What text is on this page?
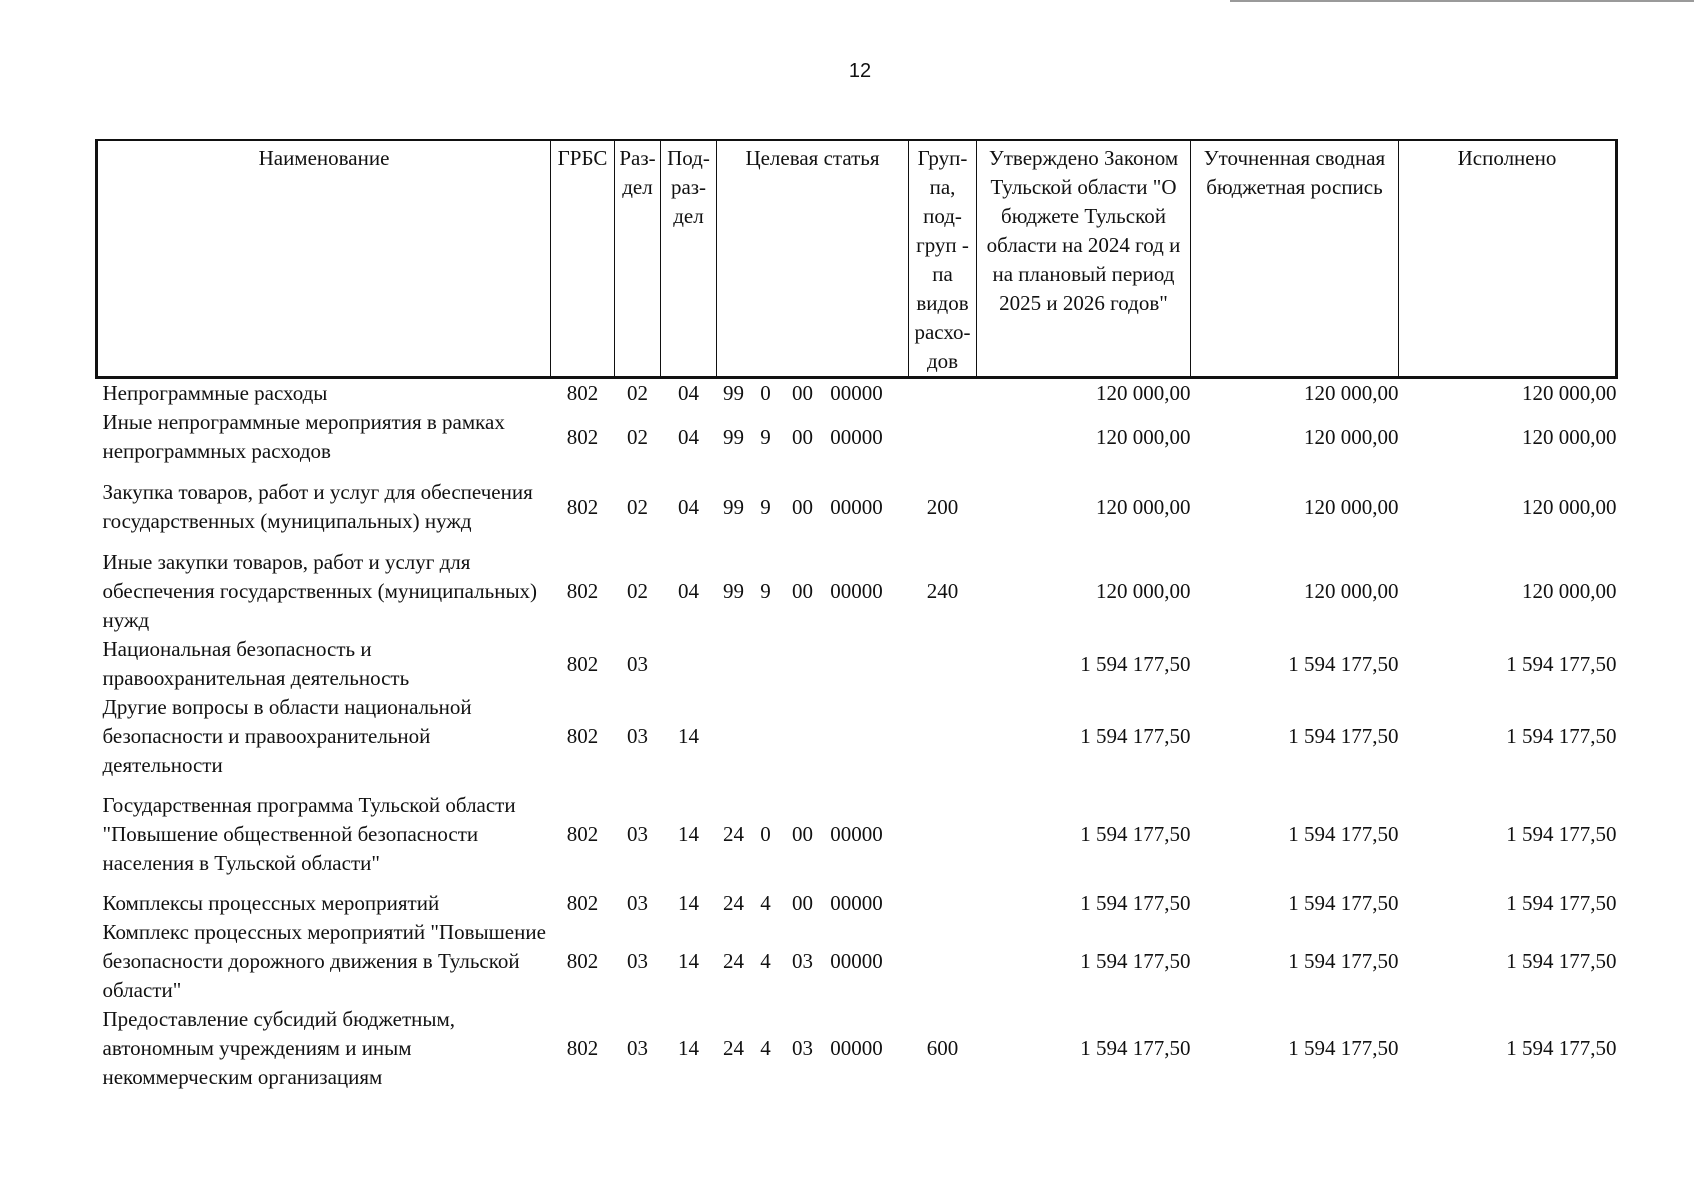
12
Наименование	ГРБС	Раз-дел	Под-раз-дел	Целевая статья	Груп-па, под-груп - па видов расхо-дов	Утверждено Законом Тульской области "О бюджете Тульской области на 2024 год и на плановый период 2025 и 2026 годов"	Уточненная сводная бюджетная роспись	Исполнено
Непрограммные расходы	802	02	04	99 0 00 00000		120 000,00	120 000,00	120 000,00
Иные непрограммные мероприятия в рамках непрограммных расходов	802	02	04	99 9 00 00000		120 000,00	120 000,00	120 000,00
Закупка товаров, работ и услуг для обеспечения государственных (муниципальных) нужд	802	02	04	99 9 00 00000	200	120 000,00	120 000,00	120 000,00
Иные закупки товаров, работ и услуг для обеспечения государственных (муниципальных) нужд	802	02	04	99 9 00 00000	240	120 000,00	120 000,00	120 000,00
Национальная безопасность и правоохранительная деятельность	802	03				1 594 177,50	1 594 177,50	1 594 177,50
Другие вопросы в области национальной безопасности и правоохранительной деятельности	802	03	14			1 594 177,50	1 594 177,50	1 594 177,50
Государственная программа Тульской области "Повышение общественной безопасности населения в Тульской области"	802	03	14	24 0 00 00000		1 594 177,50	1 594 177,50	1 594 177,50
Комплексы процессных мероприятий	802	03	14	24 4 00 00000		1 594 177,50	1 594 177,50	1 594 177,50
Комплекс процессных мероприятий "Повышение безопасности дорожного движения в Тульской области"	802	03	14	24 4 03 00000		1 594 177,50	1 594 177,50	1 594 177,50
Предоставление субсидий бюджетным, автономным учреждениям и иным некоммерческим организациям	802	03	14	24 4 03 00000	600	1 594 177,50	1 594 177,50	1 594 177,50
